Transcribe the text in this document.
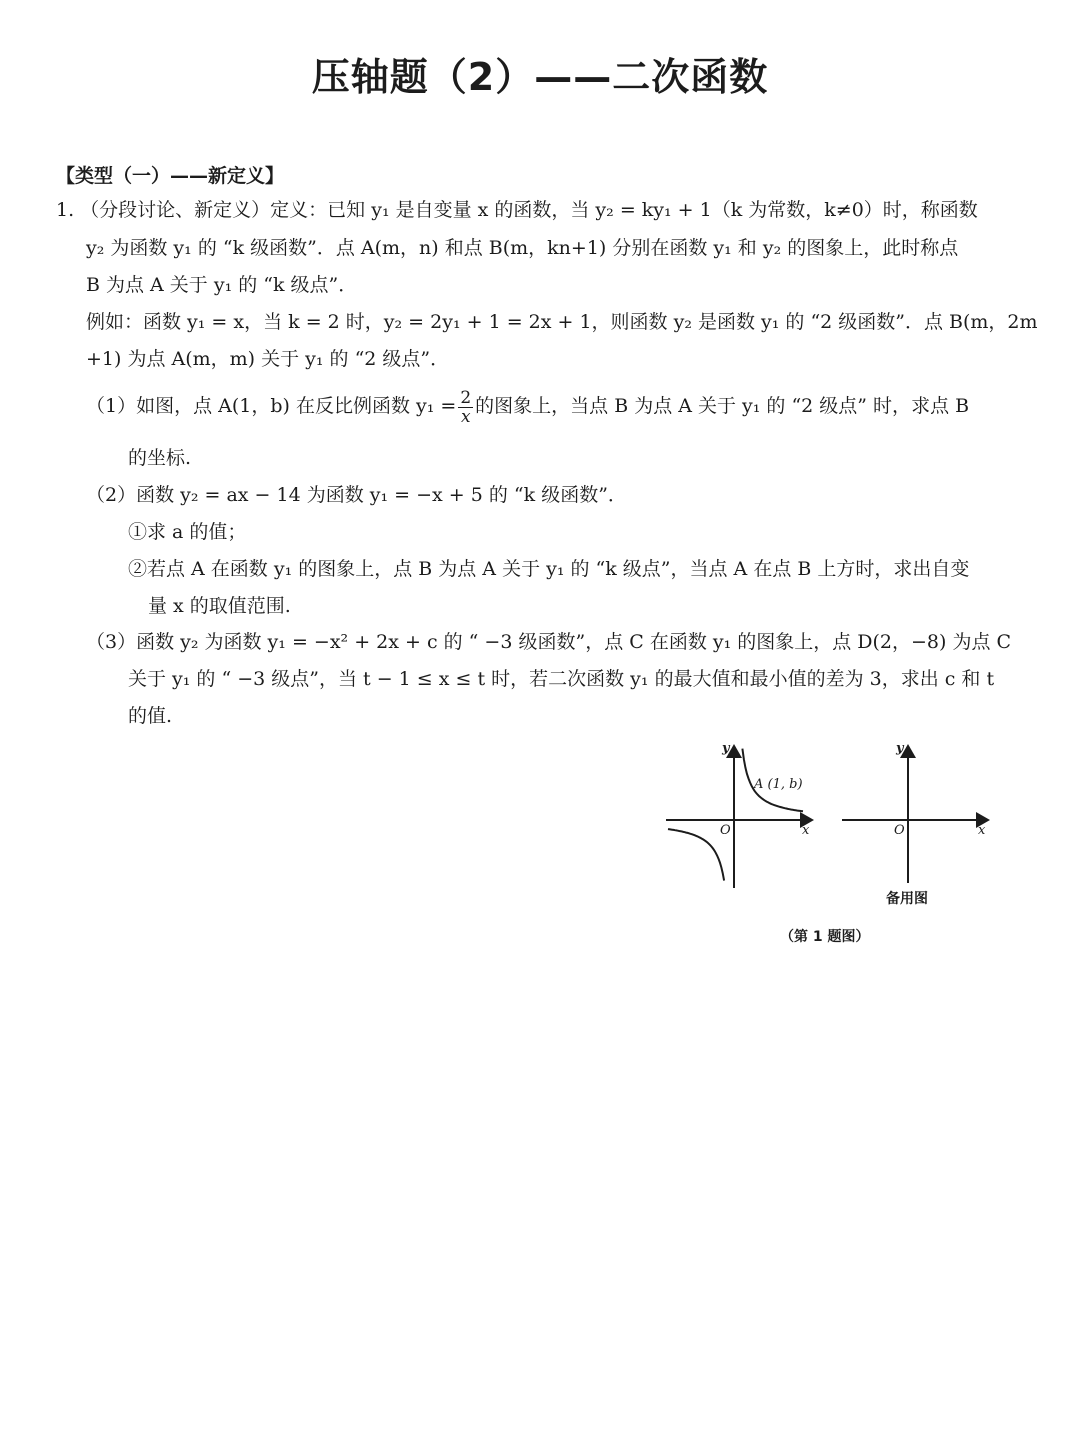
压轴题（2）——二次函数
【类型（一）——新定义】
1. （分段讨论、新定义）定义：已知 y₁ 是自变量 x 的函数，当 y₂ = ky₁ + 1（k 为常数，k≠0）时，称函数
y₂ 为函数 y₁ 的 “k 级函数”．点 A(m，n) 和点 B(m，kn+1) 分别在函数 y₁ 和 y₂ 的图象上，此时称点
B 为点 A 关于 y₁ 的 “k 级点”．
例如：函数 y₁ = x，当 k = 2 时，y₂ = 2y₁ + 1 = 2x + 1，则函数 y₂ 是函数 y₁ 的 “2 级函数”．点 B(m，2m
+1) 为点 A(m，m) 关于 y₁ 的 “2 级点”．
（1）如图，点 A(1，b) 在反比例函数 $y_1 = \frac{2}{x}$ 的图象上，当点 B 为点 A 关于 y₁ 的 “2 级点” 时，求点 B
的坐标.
（2）函数 y₂ = ax − 14 为函数 y₁ = −x + 5 的 “k 级函数”．
①求 a 的值；
②若点 A 在函数 y₁ 的图象上，点 B 为点 A 关于 y₁ 的 “k 级点”，当点 A 在点 B 上方时，求出自变
量 x 的取值范围.
（3）函数 y₂ 为函数 y₁ = −x² + 2x + c 的 “ −3 级函数”，点 C 在函数 y₁ 的图象上，点 D(2，−8) 为点 C
关于 y₁ 的 “ −3 级点”，当 t − 1 ≤ x ≤ t 时，若二次函数 y₁ 的最大值和最小值的差为 3，求出 c 和 t
的值.
y
x
O
A (1, b)
y
x
O
备用图
（第 1 题图）
